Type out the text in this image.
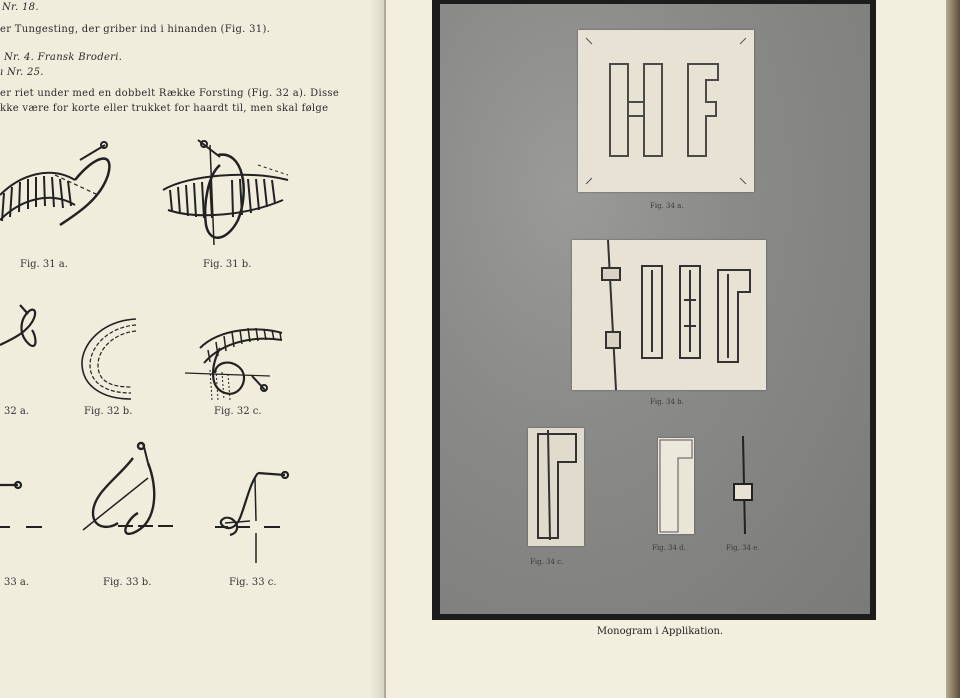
Nr. 18.
er Tungesting, der griber ind i hinanden (Fig. 31).
Nr. 4. Fransk Broderi.
ı Nr. 25.
er riet under med en dobbelt Række Forsting (Fig. 32 a). Disse
kke være for korte eller trukket for haardt til, men skal følge
Fig. 31 a.	Fig. 31 b.
32 a.	Fig. 32 b.	Fig. 32 c.
33 a.	Fig. 33 b.	Fig. 33 c.
Fig. 34 a.
Fig. 34 b.
Fig. 34 c.
Fig. 34 d.	Fig. 34 e.
Monogram i Applikation.
